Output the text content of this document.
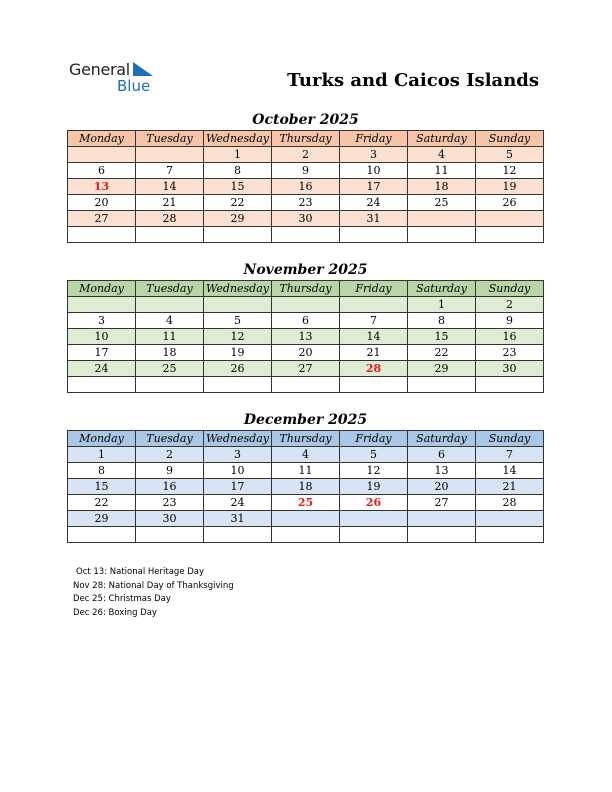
General
Blue	Turks and Caicos Islands
October 2025
Monday	Tuesday	Wednesday	Thursday	Friday	Saturday	Sunday
		1	2	3	4	5
6	7	8	9	10	11	12
13	14	15	16	17	18	19
20	21	22	23	24	25	26
27	28	29	30	31		

November 2025
Monday	Tuesday	Wednesday	Thursday	Friday	Saturday	Sunday
					1	2
3	4	5	6	7	8	9
10	11	12	13	14	15	16
17	18	19	20	21	22	23
24	25	26	27	28	29	30

December 2025
Monday	Tuesday	Wednesday	Thursday	Friday	Saturday	Sunday
1	2	3	4	5	6	7
8	9	10	11	12	13	14
15	16	17	18	19	20	21
22	23	24	25	26	27	28
29	30	31				

Oct 13: National Heritage Day
Nov 28: National Day of Thanksgiving
Dec 25: Christmas Day
Dec 26: Boxing Day
